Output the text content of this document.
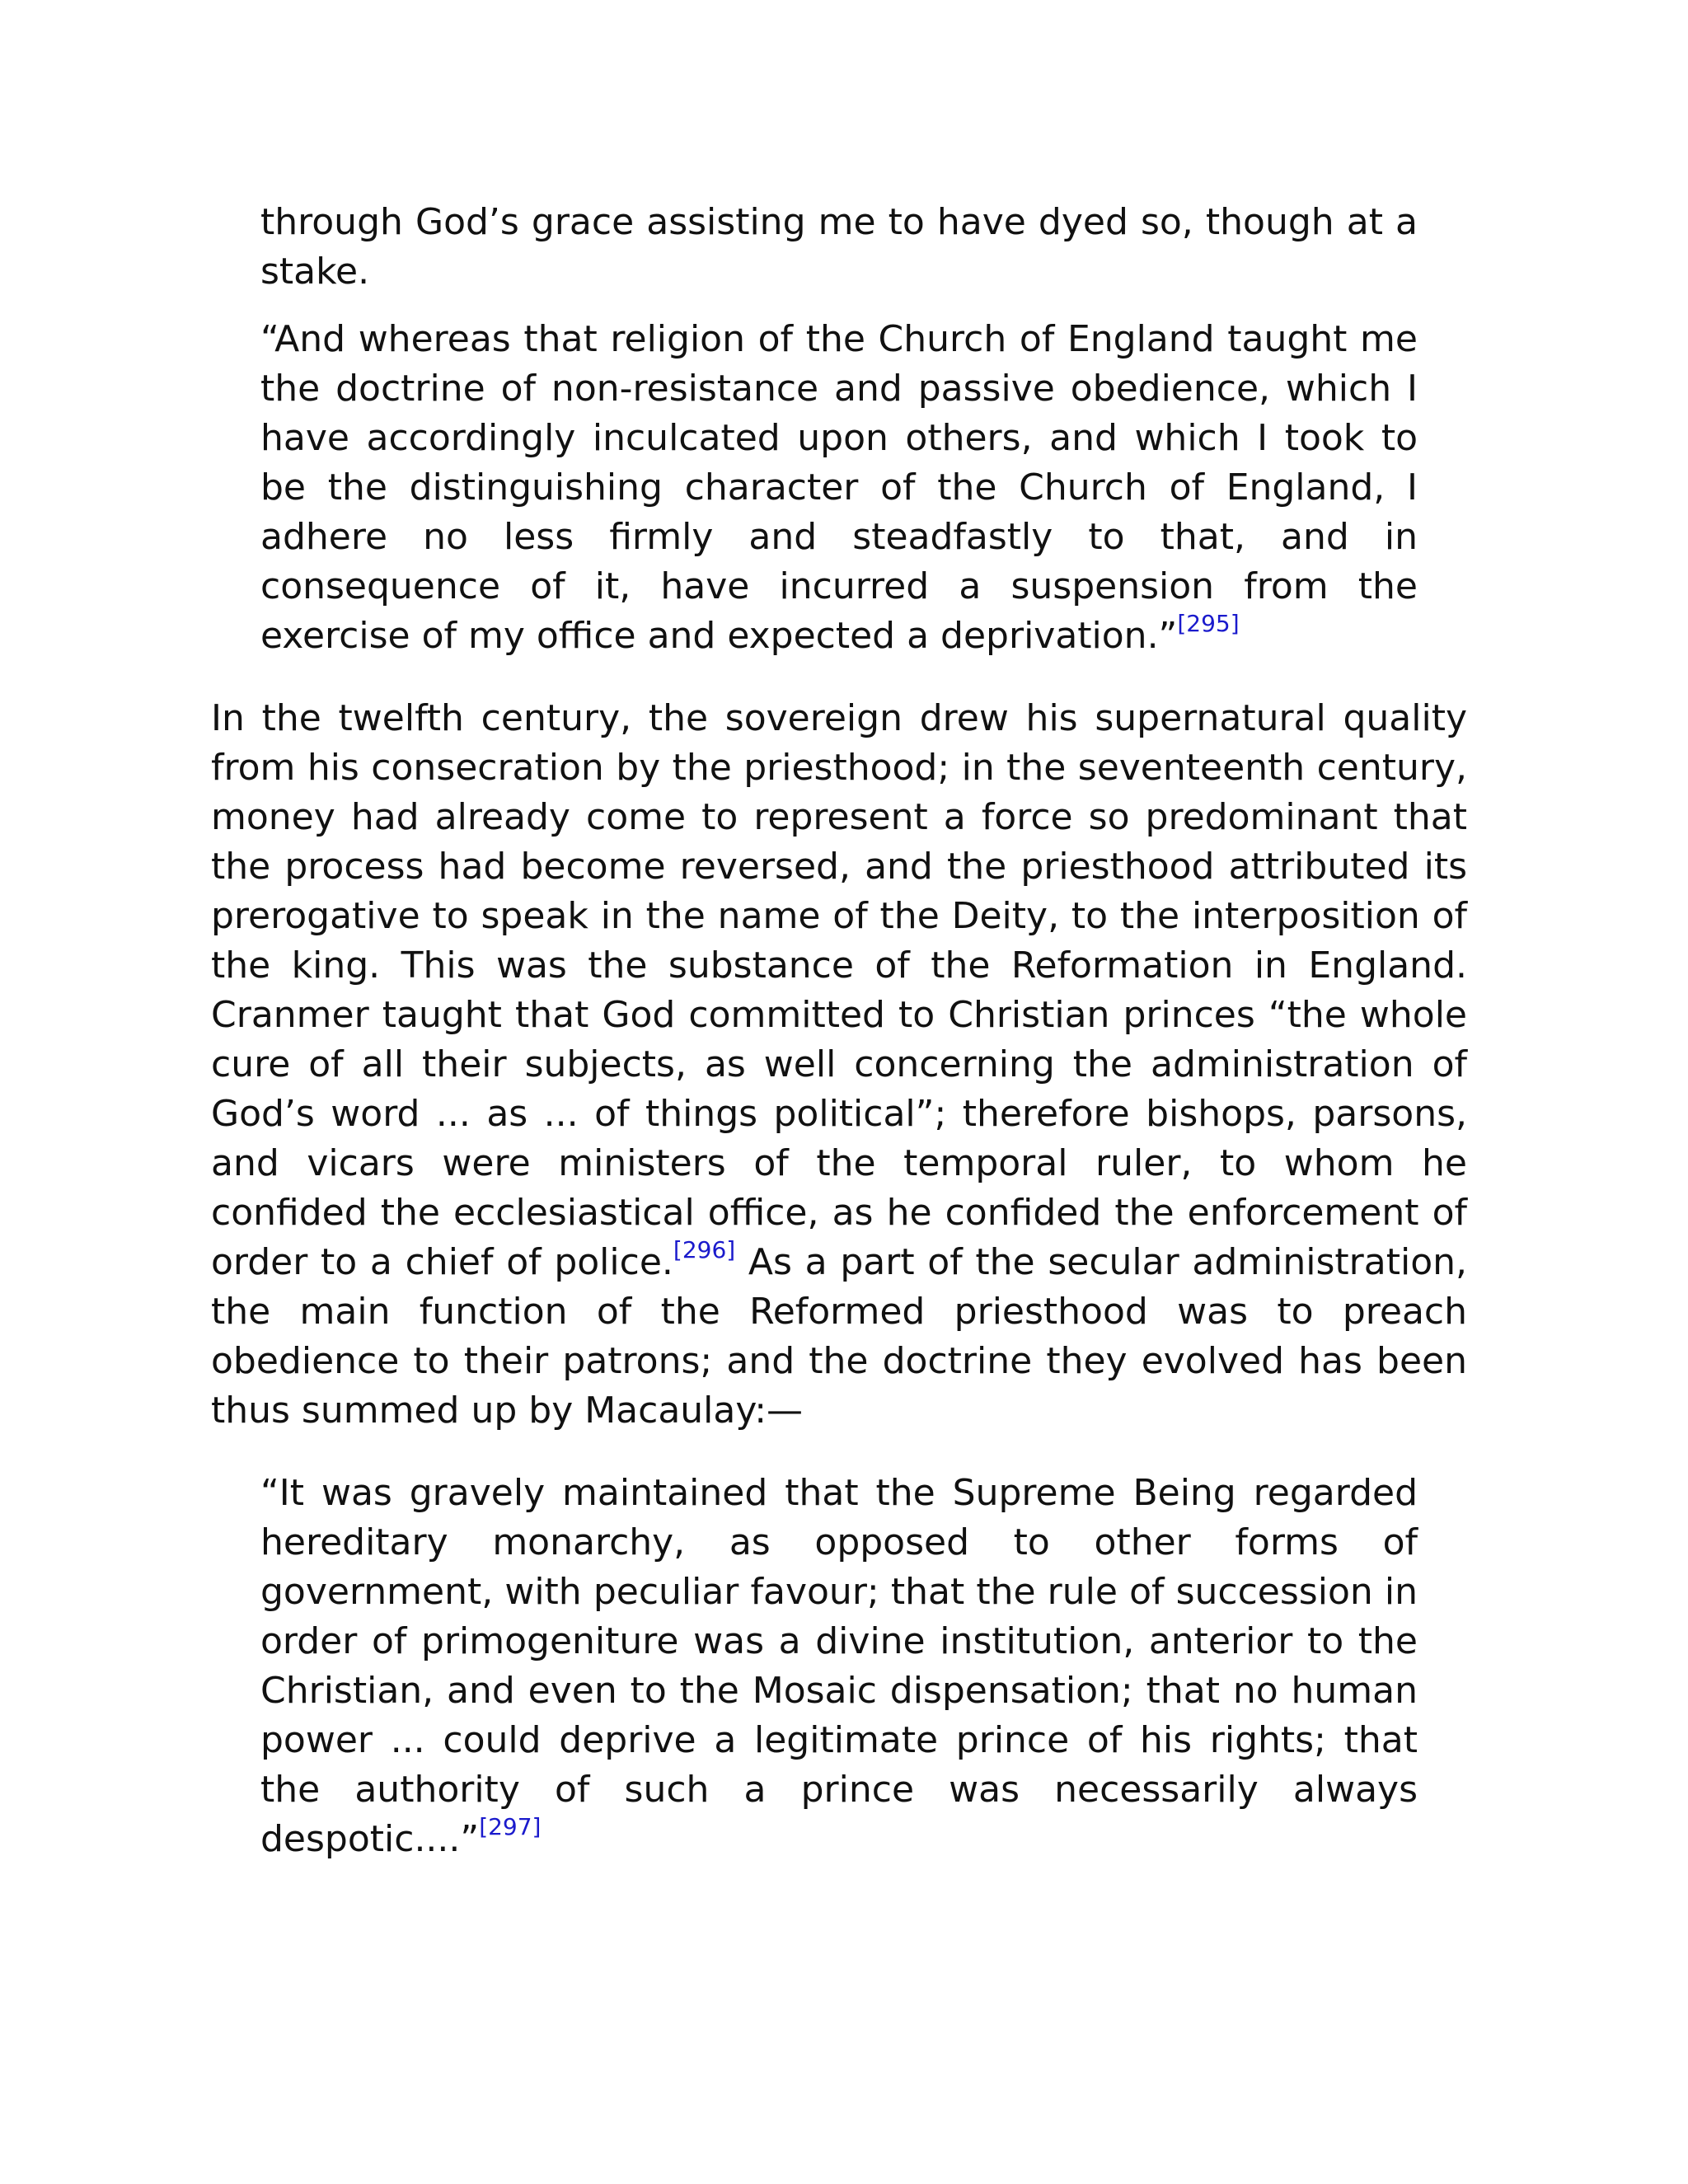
through God’s grace assisting me to have dyed so, though at a stake.

“And whereas that religion of the Church of England taught me the doctrine of non-resistance and passive obedience, which I have accordingly inculcated upon others, and which I took to be the distinguishing character of the Church of England, I adhere no less firmly and steadfastly to that, and in consequence of it, have incurred a suspension from the exercise of my office and expected a deprivation.”[295]

In the twelfth century, the sovereign drew his supernatural quality from his consecration by the priesthood; in the seventeenth century, money had already come to represent a force so predominant that the process had become reversed, and the priesthood attributed its prerogative to speak in the name of the Deity, to the interposition of the king. This was the substance of the Reformation in England. Cranmer taught that God committed to Christian princes “the whole cure of all their subjects, as well concerning the administration of God’s word ... as ... of things political”; therefore bishops, parsons, and vicars were ministers of the temporal ruler, to whom he confided the ecclesiastical office, as he confided the enforcement of order to a chief of police.[296] As a part of the secular administration, the main function of the Reformed priesthood was to preach obedience to their patrons; and the doctrine they evolved has been thus summed up by Macaulay:—

“It was gravely maintained that the Supreme Being regarded hereditary monarchy, as opposed to other forms of government, with peculiar favour; that the rule of succession in order of primogeniture was a divine institution, anterior to the Christian, and even to the Mosaic dispensation; that no human power ... could deprive a legitimate prince of his rights; that the authority of such a prince was necessarily always despotic....”[297]
